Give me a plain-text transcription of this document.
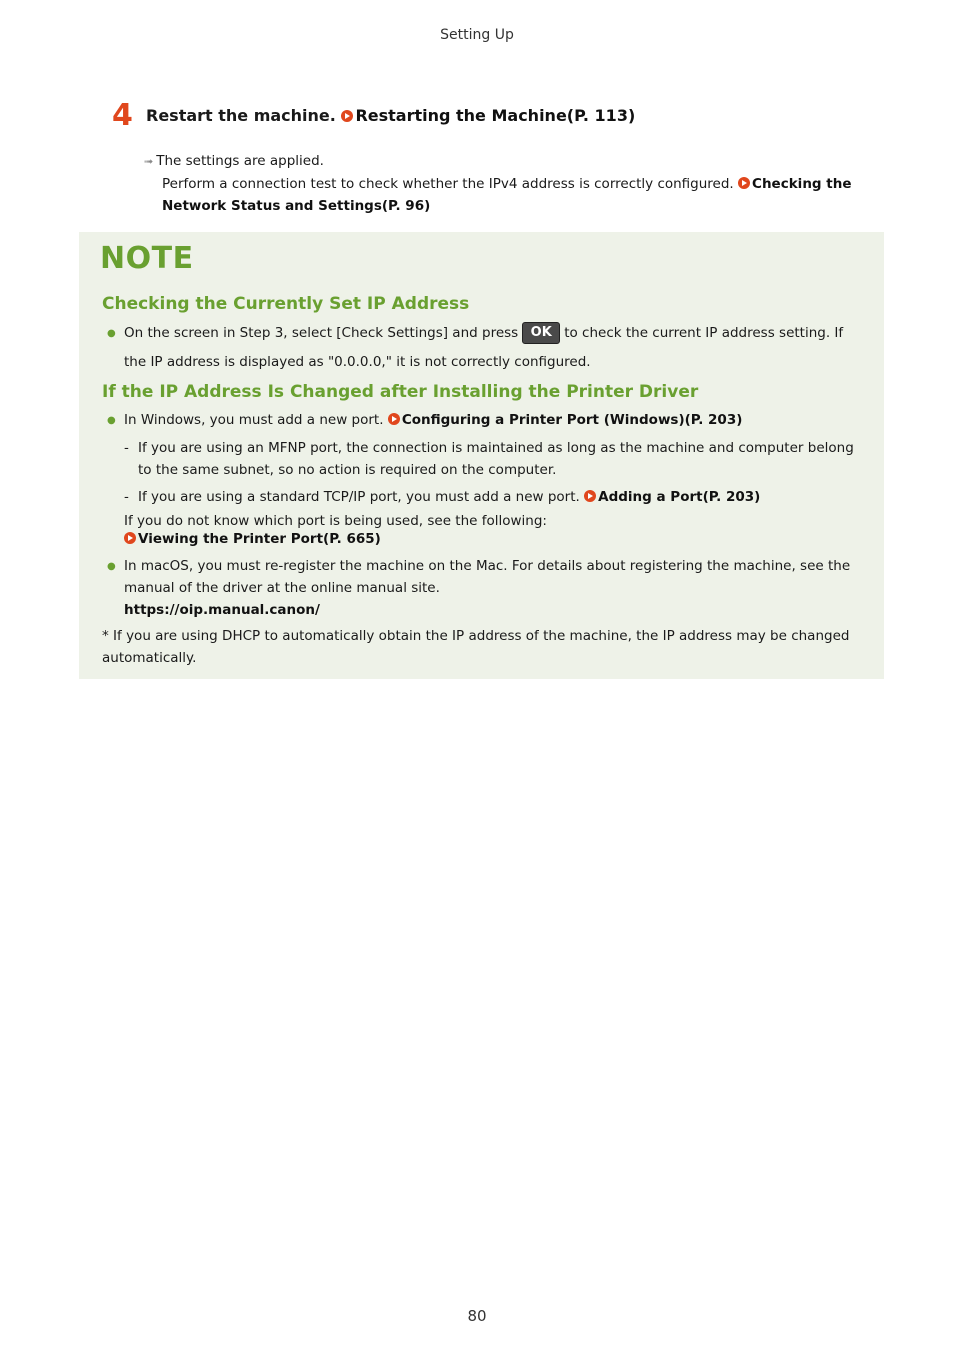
Setting Up
4 Restart the machine. Restarting the Machine(P. 113)
➟ The settings are applied.
Perform a connection test to check whether the IPv4 address is correctly configured. Checking the
Network Status and Settings(P. 96)
NOTE
Checking the Currently Set IP Address
● On the screen in Step 3, select [Check Settings] and press OK to check the current IP address setting. If
the IP address is displayed as "0.0.0.0," it is not correctly configured.
If the IP Address Is Changed after Installing the Printer Driver
● In Windows, you must add a new port. Configuring a Printer Port (Windows)(P. 203)
- If you are using an MFNP port, the connection is maintained as long as the machine and computer belong
to the same subnet, so no action is required on the computer.
- If you are using a standard TCP/IP port, you must add a new port. Adding a Port(P. 203)
If you do not know which port is being used, see the following:
Viewing the Printer Port(P. 665)
● In macOS, you must re-register the machine on the Mac. For details about registering the machine, see the
manual of the driver at the online manual site.
https://oip.manual.canon/
* If you are using DHCP to automatically obtain the IP address of the machine, the IP address may be changed
automatically.
80
